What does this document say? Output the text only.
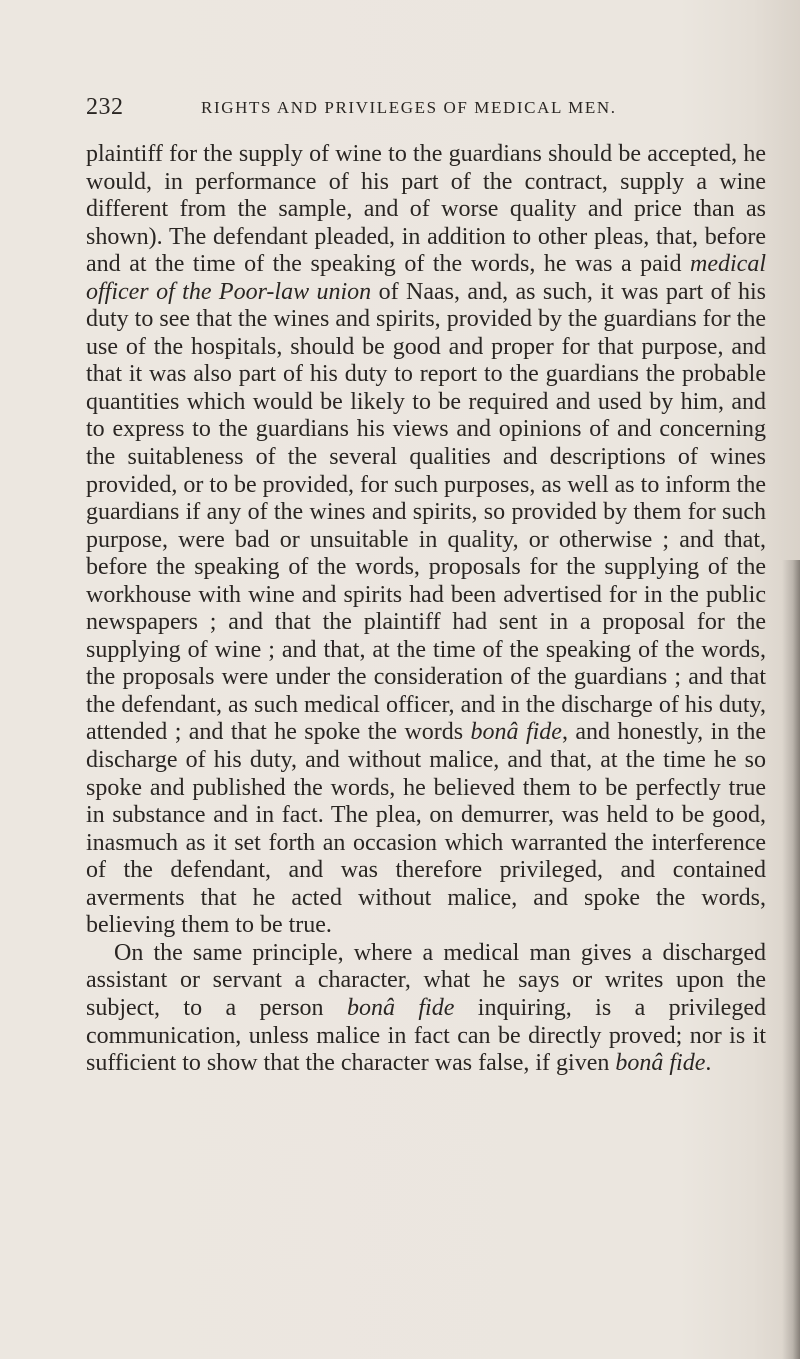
232	RIGHTS AND PRIVILEGES OF MEDICAL MEN.

plaintiff for the supply of wine to the guardians should be accepted, he would, in performance of his part of the contract, supply a wine different from the sample, and of worse quality and price than as shown). The defendant pleaded, in addition to other pleas, that, before and at the time of the speaking of the words, he was a paid medical officer of the Poor-law union of Naas, and, as such, it was part of his duty to see that the wines and spirits, provided by the guardians for the use of the hospitals, should be good and proper for that purpose, and that it was also part of his duty to report to the guardians the probable quantities which would be likely to be required and used by him, and to express to the guardians his views and opinions of and concerning the suitableness of the several qualities and descriptions of wines provided, or to be provided, for such purposes, as well as to inform the guardians if any of the wines and spirits, so provided by them for such purpose, were bad or unsuitable in quality, or otherwise ; and that, before the speaking of the words, proposals for the supplying of the workhouse with wine and spirits had been advertised for in the public newspapers ; and that the plaintiff had sent in a proposal for the supplying of wine ; and that, at the time of the speaking of the words, the proposals were under the consideration of the guardians ; and that the defendant, as such medical officer, and in the discharge of his duty, attended ; and that he spoke the words bonâ fide, and honestly, in the discharge of his duty, and without malice, and that, at the time he so spoke and published the words, he believed them to be perfectly true in substance and in fact. The plea, on demurrer, was held to be good, inasmuch as it set forth an occasion which warranted the interference of the defendant, and was therefore privileged, and contained averments that he acted without malice, and spoke the words, believing them to be true.

On the same principle, where a medical man gives a discharged assistant or servant a character, what he says or writes upon the subject, to a person bonâ fide inquiring, is a privileged communication, unless malice in fact can be directly proved; nor is it sufficient to show that the character was false, if given bonâ fide.
